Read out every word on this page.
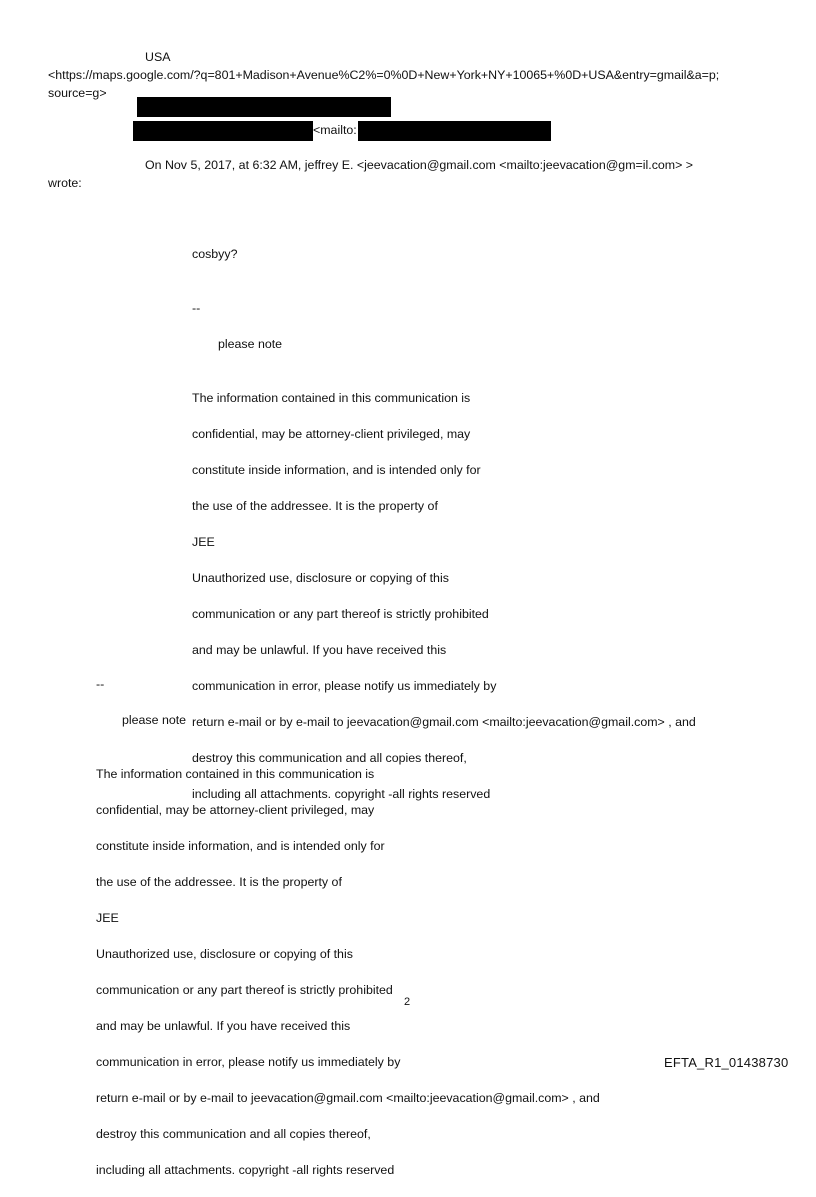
USA
<https://maps.google.com/?q=801+Madison+Avenue%C2%=0%0D+New+York+NY+10065+%0D+USA&entry=gmail&a=p;
source=g>
<mailto:
On Nov 5, 2017, at 6:32 AM, jeffrey E. <jeevacation@gmail.com <mailto:jeevacation@gm=il.com> >
wrote:
cosbyy?
--
please note

The information contained in this communication is

confidential, may be attorney-client privileged, may

constitute inside information, and is intended only for

the use of the addressee. It is the property of

JEE

Unauthorized use, disclosure or copying of this

communication or any part thereof is strictly prohibited

and may be unlawful. If you have received this

communication in error, please notify us immediately by

return e-mail or by e-mail to jeevacation@gmail.com <mailto:jeevacation@gmail.com> , and

destroy this communication and all copies thereof,

including all attachments. copyright -all rights reserved

--
please note

The information contained in this communication is

confidential, may be attorney-client privileged, may

constitute inside information, and is intended only for

the use of the addressee. It is the property of

JEE

Unauthorized use, disclosure or copying of this

communication or any part thereof is strictly prohibited

and may be unlawful. If you have received this

communication in error, please notify us immediately by

return e-mail or by e-mail to jeevacation@gmail.com <mailto:jeevacation@gmail.com> , and

destroy this communication and all copies thereof,

including all attachments. copyright -all rights reserved

2
EFTA_R1_01438730
